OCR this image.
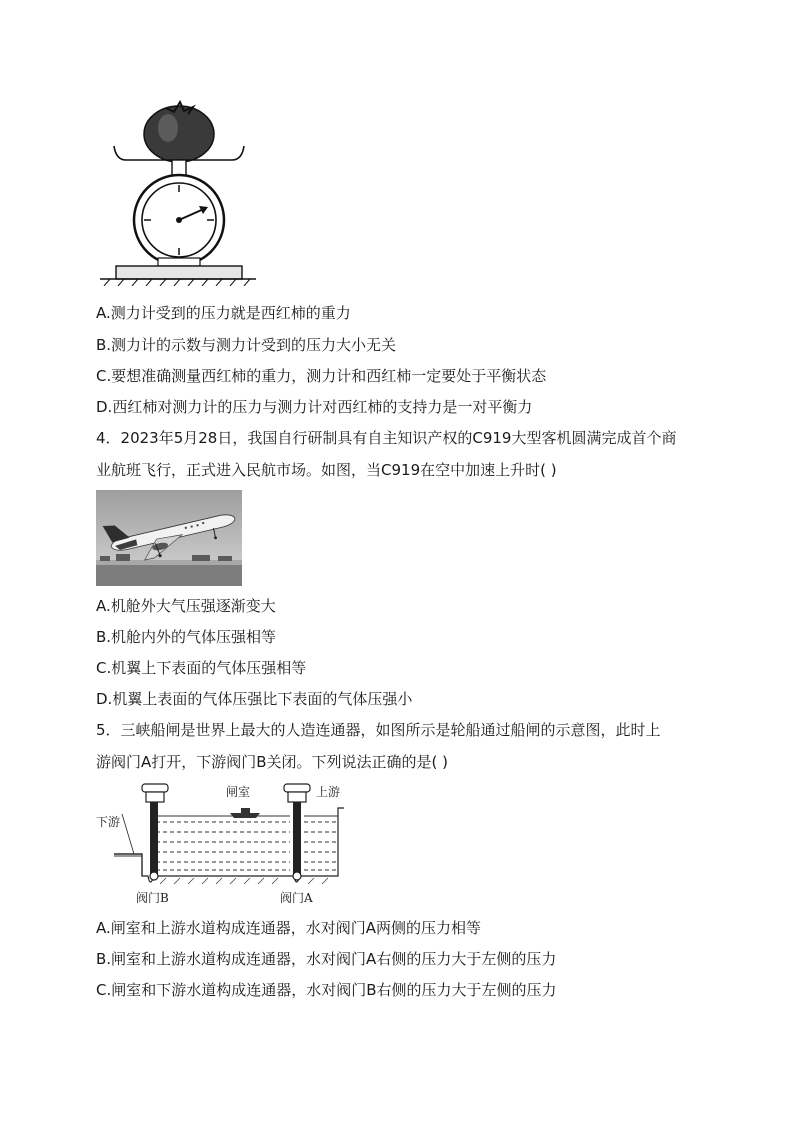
A.测力计受到的压力就是西红柿的重力
B.测力计的示数与测力计受到的压力大小无关
C.要想准确测量西红柿的重力，测力计和西红柿一定要处于平衡状态
D.西红柿对测力计的压力与测力计对西红柿的支持力是一对平衡力
4．2023年5月28日，我国自行研制具有自主知识产权的C919大型客机圆满完成首个商
业航班飞行，正式进入民航市场。如图，当C919在空中加速上升时( )
A.机舱外大气压强逐渐变大
B.机舱内外的气体压强相等
C.机翼上下表面的气体压强相等
D.机翼上表面的气体压强比下表面的气体压强小
5．三峡船闸是世界上最大的人造连通器，如图所示是轮船通过船闸的示意图，此时上
游阀门A打开，下游阀门B关闭。下列说法正确的是( )
闸室	上游
下游
阀门B	阀门A
A.闸室和上游水道构成连通器，水对阀门A两侧的压力相等
B.闸室和上游水道构成连通器，水对阀门A右侧的压力大于左侧的压力
C.闸室和下游水道构成连通器，水对阀门B右侧的压力大于左侧的压力
